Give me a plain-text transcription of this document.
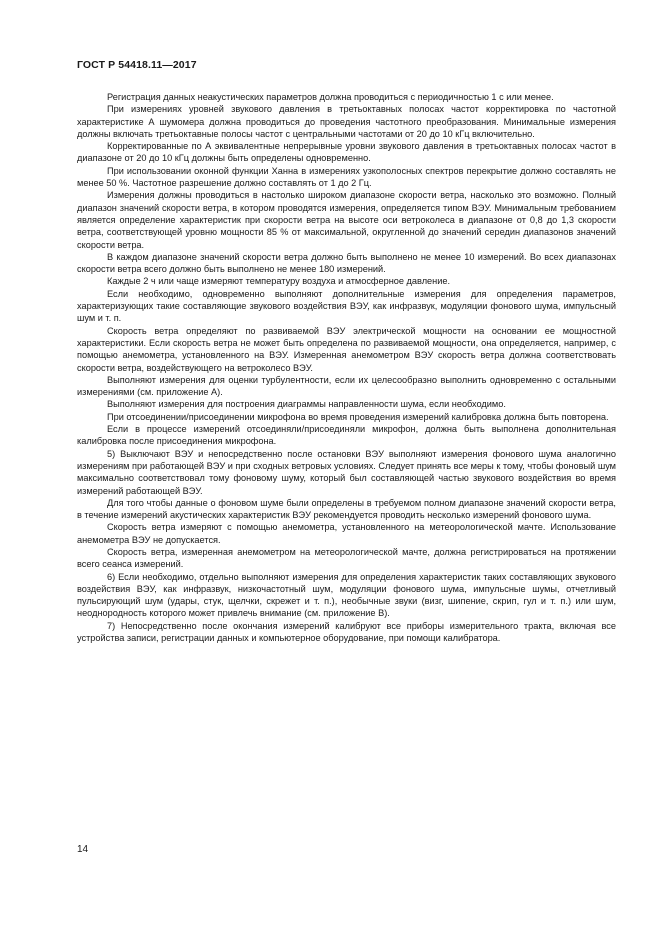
ГОСТ Р 54418.11—2017

Регистрация данных неакустических параметров должна проводиться с периодичностью 1 с или менее.

При измерениях уровней звукового давления в третьоктавных полосах частот корректировка по частотной характеристике А шумомера должна проводиться до проведения частотного преобразования. Минимальные измерения должны включать третьоктавные полосы частот с центральными частотами от 20 до 10 кГц включительно.

Корректированные по А эквивалентные непрерывные уровни звукового давления в третьоктавных полосах частот в диапазоне от 20 до 10 кГц должны быть определены одновременно.

При использовании оконной функции Ханна в измерениях узкополосных спектров перекрытие должно составлять не менее 50 %. Частотное разрешение должно составлять от 1 до 2 Гц.

Измерения должны проводиться в настолько широком диапазоне скорости ветра, насколько это возможно. Полный диапазон значений скорости ветра, в котором проводятся измерения, определяется типом ВЭУ. Минимальным требованием является определение характеристик при скорости ветра на высоте оси ветроколеса в диапазоне от 0,8 до 1,3 скорости ветра, соответствующей уровню мощности 85 % от максимальной, округленной до значений середин диапазонов значений скорости ветра.

В каждом диапазоне значений скорости ветра должно быть выполнено не менее 10 измерений. Во всех диапазонах скорости ветра всего должно быть выполнено не менее 180 измерений.

Каждые 2 ч или чаще измеряют температуру воздуха и атмосферное давление.

Если необходимо, одновременно выполняют дополнительные измерения для определения параметров, характеризующих такие составляющие звукового воздействия ВЭУ, как инфразвук, модуляции фонового шума, импульсный шум и т. п.

Скорость ветра определяют по развиваемой ВЭУ электрической мощности на основании ее мощностной характеристики. Если скорость ветра не может быть определена по развиваемой мощности, она определяется, например, с помощью анемометра, установленного на ВЭУ. Измеренная анемометром ВЭУ скорость ветра должна соответствовать скорости ветра, воздействующего на ветроколесо ВЭУ.

Выполняют измерения для оценки турбулентности, если их целесообразно выполнить одновременно с остальными измерениями (см. приложение А).

Выполняют измерения для построения диаграммы направленности шума, если необходимо.

При отсоединении/присоединении микрофона во время проведения измерений калибровка должна быть повторена.

Если в процессе измерений отсоединяли/присоединяли микрофон, должна быть выполнена дополнительная калибровка после присоединения микрофона.

5) Выключают ВЭУ и непосредственно после остановки ВЭУ выполняют измерения фонового шума аналогично измерениям при работающей ВЭУ и при сходных ветровых условиях. Следует принять все меры к тому, чтобы фоновый шум максимально соответствовал тому фоновому шуму, который был составляющей частью звукового воздействия во время измерений работающей ВЭУ.

Для того чтобы данные о фоновом шуме были определены в требуемом полном диапазоне значений скорости ветра, в течение измерений акустических характеристик ВЭУ рекомендуется проводить несколько измерений фонового шума.

Скорость ветра измеряют с помощью анемометра, установленного на метеорологической мачте. Использование анемометра ВЭУ не допускается.

Скорость ветра, измеренная анемометром на метеорологической мачте, должна регистрироваться на протяжении всего сеанса измерений.

6) Если необходимо, отдельно выполняют измерения для определения характеристик таких составляющих звукового воздействия ВЭУ, как инфразвук, низкочастотный шум, модуляции фонового шума, импульсные шумы, отчетливый пульсирующий шум (удары, стук, щелчки, скрежет и т. п.), необычные звуки (визг, шипение, скрип, гул и т. п.) или шум, неоднородность которого может привлечь внимание (см. приложение В).

7) Непосредственно после окончания измерений калибруют все приборы измерительного тракта, включая все устройства записи, регистрации данных и компьютерное оборудование, при помощи калибратора.

14
